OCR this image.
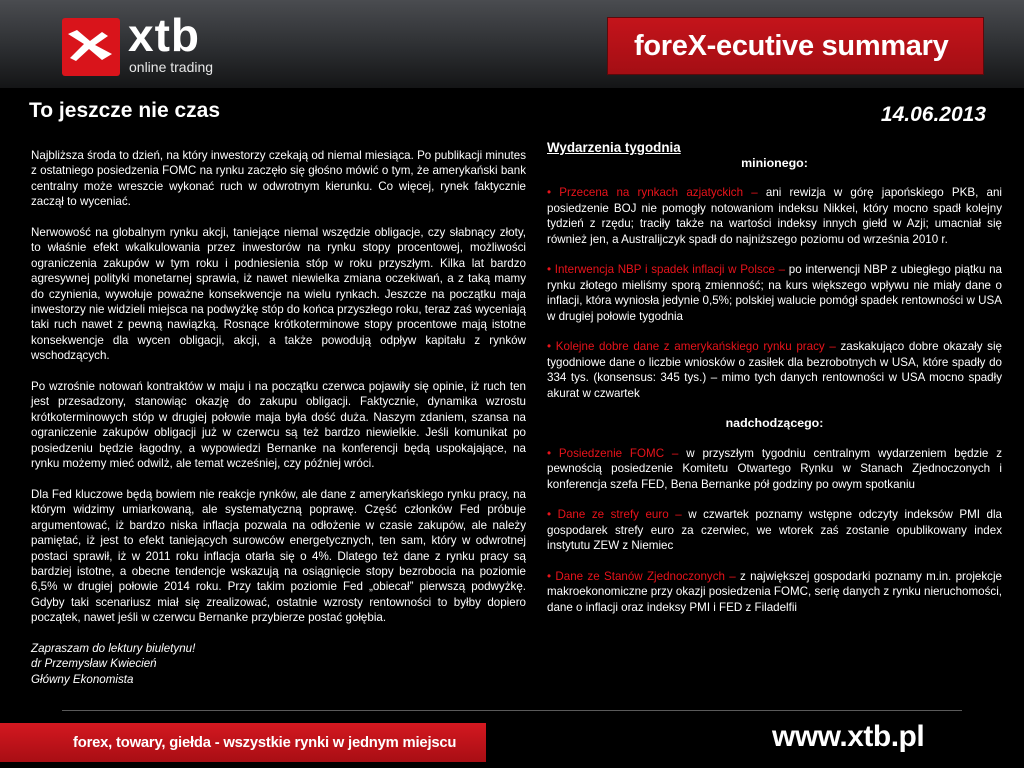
xtb
online trading
foreX-ecutive summary
To jeszcze nie czas	14.06.2013

Najbliższa środa to dzień, na który inwestorzy czekają od niemal miesiąca. Po publikacji minutes z ostatniego posiedzenia FOMC na rynku zaczęło się głośno mówić o tym, że amerykański bank centralny może wreszcie wykonać ruch w odwrotnym kierunku. Co więcej, rynek faktycznie zaczął to wyceniać.

Nerwowość na globalnym rynku akcji, taniejące niemal wszędzie obligacje, czy słabnący złoty, to właśnie efekt wkalkulowania przez inwestorów na rynku stopy procentowej, możliwości ograniczenia zakupów w tym roku i podniesienia stóp w roku przyszłym. Kilka lat bardzo agresywnej polityki monetarnej sprawia, iż nawet niewielka zmiana oczekiwań, a z taką mamy do czynienia, wywołuje poważne konsekwencje na wielu rynkach. Jeszcze na początku maja inwestorzy nie widzieli miejsca na podwyżkę stóp do końca przyszłego roku, teraz zaś wyceniają taki ruch nawet z pewną nawiązką. Rosnące krótkoterminowe stopy procentowe mają istotne konsekwencje dla wycen obligacji, akcji, a także powodują odpływ kapitału z rynków wschodzących.

Po wzrośnie notowań kontraktów w maju i na początku czerwca pojawiły się opinie, iż ruch ten jest przesadzony, stanowiąc okazję do zakupu obligacji. Faktycznie, dynamika wzrostu krótkoterminowych stóp w drugiej połowie maja była dość duża. Naszym zdaniem, szansa na ograniczenie zakupów obligacji już w czerwcu są też bardzo niewielkie. Jeśli komunikat po posiedzeniu będzie łagodny, a wypowiedzi Bernanke na konferencji będą uspokajające, na rynku możemy mieć odwilż, ale temat wcześniej, czy później wróci.

Dla Fed kluczowe będą bowiem nie reakcje rynków, ale dane z amerykańskiego rynku pracy, na którym widzimy umiarkowaną, ale systematyczną poprawę. Część członków Fed próbuje argumentować, iż bardzo niska inflacja pozwala na odłożenie w czasie zakupów, ale należy pamiętać, iż jest to efekt taniejących surowców energetycznych, ten sam, który w odwrotnej postaci sprawił, iż w 2011 roku inflacja otarła się o 4%. Dlatego też dane z rynku pracy są bardziej istotne, a obecne tendencje wskazują na osiągnięcie stopy bezrobocia na poziomie 6,5% w drugiej połowie 2014 roku. Przy takim poziomie Fed „obiecał” pierwszą podwyżkę. Gdyby taki scenariusz miał się zrealizować, ostatnie wzrosty rentowności to byłby dopiero początek, nawet jeśli w czerwcu Bernanke przybierze postać gołębia.

Zapraszam do lektury biuletynu!

dr Przemysław Kwiecień

Główny Ekonomista

Wydarzenia tygodnia

minionego:

• Przecena na rynkach azjatyckich – ani rewizja w górę japońskiego PKB, ani posiedzenie BOJ nie pomogły notowaniom indeksu Nikkei, który mocno spadł kolejny tydzień z rzędu; traciły także na wartości indeksy innych giełd w Azji; umacniał się również jen, a Australijczyk spadł do najniższego poziomu od września 2010 r.

• Interwencja NBP i spadek inflacji w Polsce – po interwencji NBP z ubiegłego piątku na rynku złotego mieliśmy sporą zmienność; na kurs większego wpływu nie miały dane o inflacji, która wyniosła jedynie 0,5%; polskiej walucie pomógł spadek rentowności w USA w drugiej połowie tygodnia

• Kolejne dobre dane z amerykańskiego rynku pracy – zaskakująco dobre okazały się tygodniowe dane o liczbie wniosków o zasiłek dla bezrobotnych w USA, które spadły do 334 tys. (konsensus: 345 tys.) – mimo tych danych rentowności w USA mocno spadły akurat w czwartek

nadchodzącego:

• Posiedzenie FOMC – w przyszłym tygodniu centralnym wydarzeniem będzie z pewnością posiedzenie Komitetu Otwartego Rynku w Stanach Zjednoczonych i konferencja szefa FED, Bena Bernanke pół godziny po owym spotkaniu

• Dane ze strefy euro – w czwartek poznamy wstępne odczyty indeksów PMI dla gospodarek strefy euro za czerwiec, we wtorek zaś zostanie opublikowany index instytutu ZEW z Niemiec

• Dane ze Stanów Zjednoczonych – z największej gospodarki poznamy m.in. projekcje makroekonomiczne przy okazji posiedzenia FOMC, serię danych z rynku nieruchomości, dane o inflacji oraz indeksy PMI i FED z Filadelfii

forex, towary, giełda - wszystkie rynki w jednym miejscu	www.xtb.pl
